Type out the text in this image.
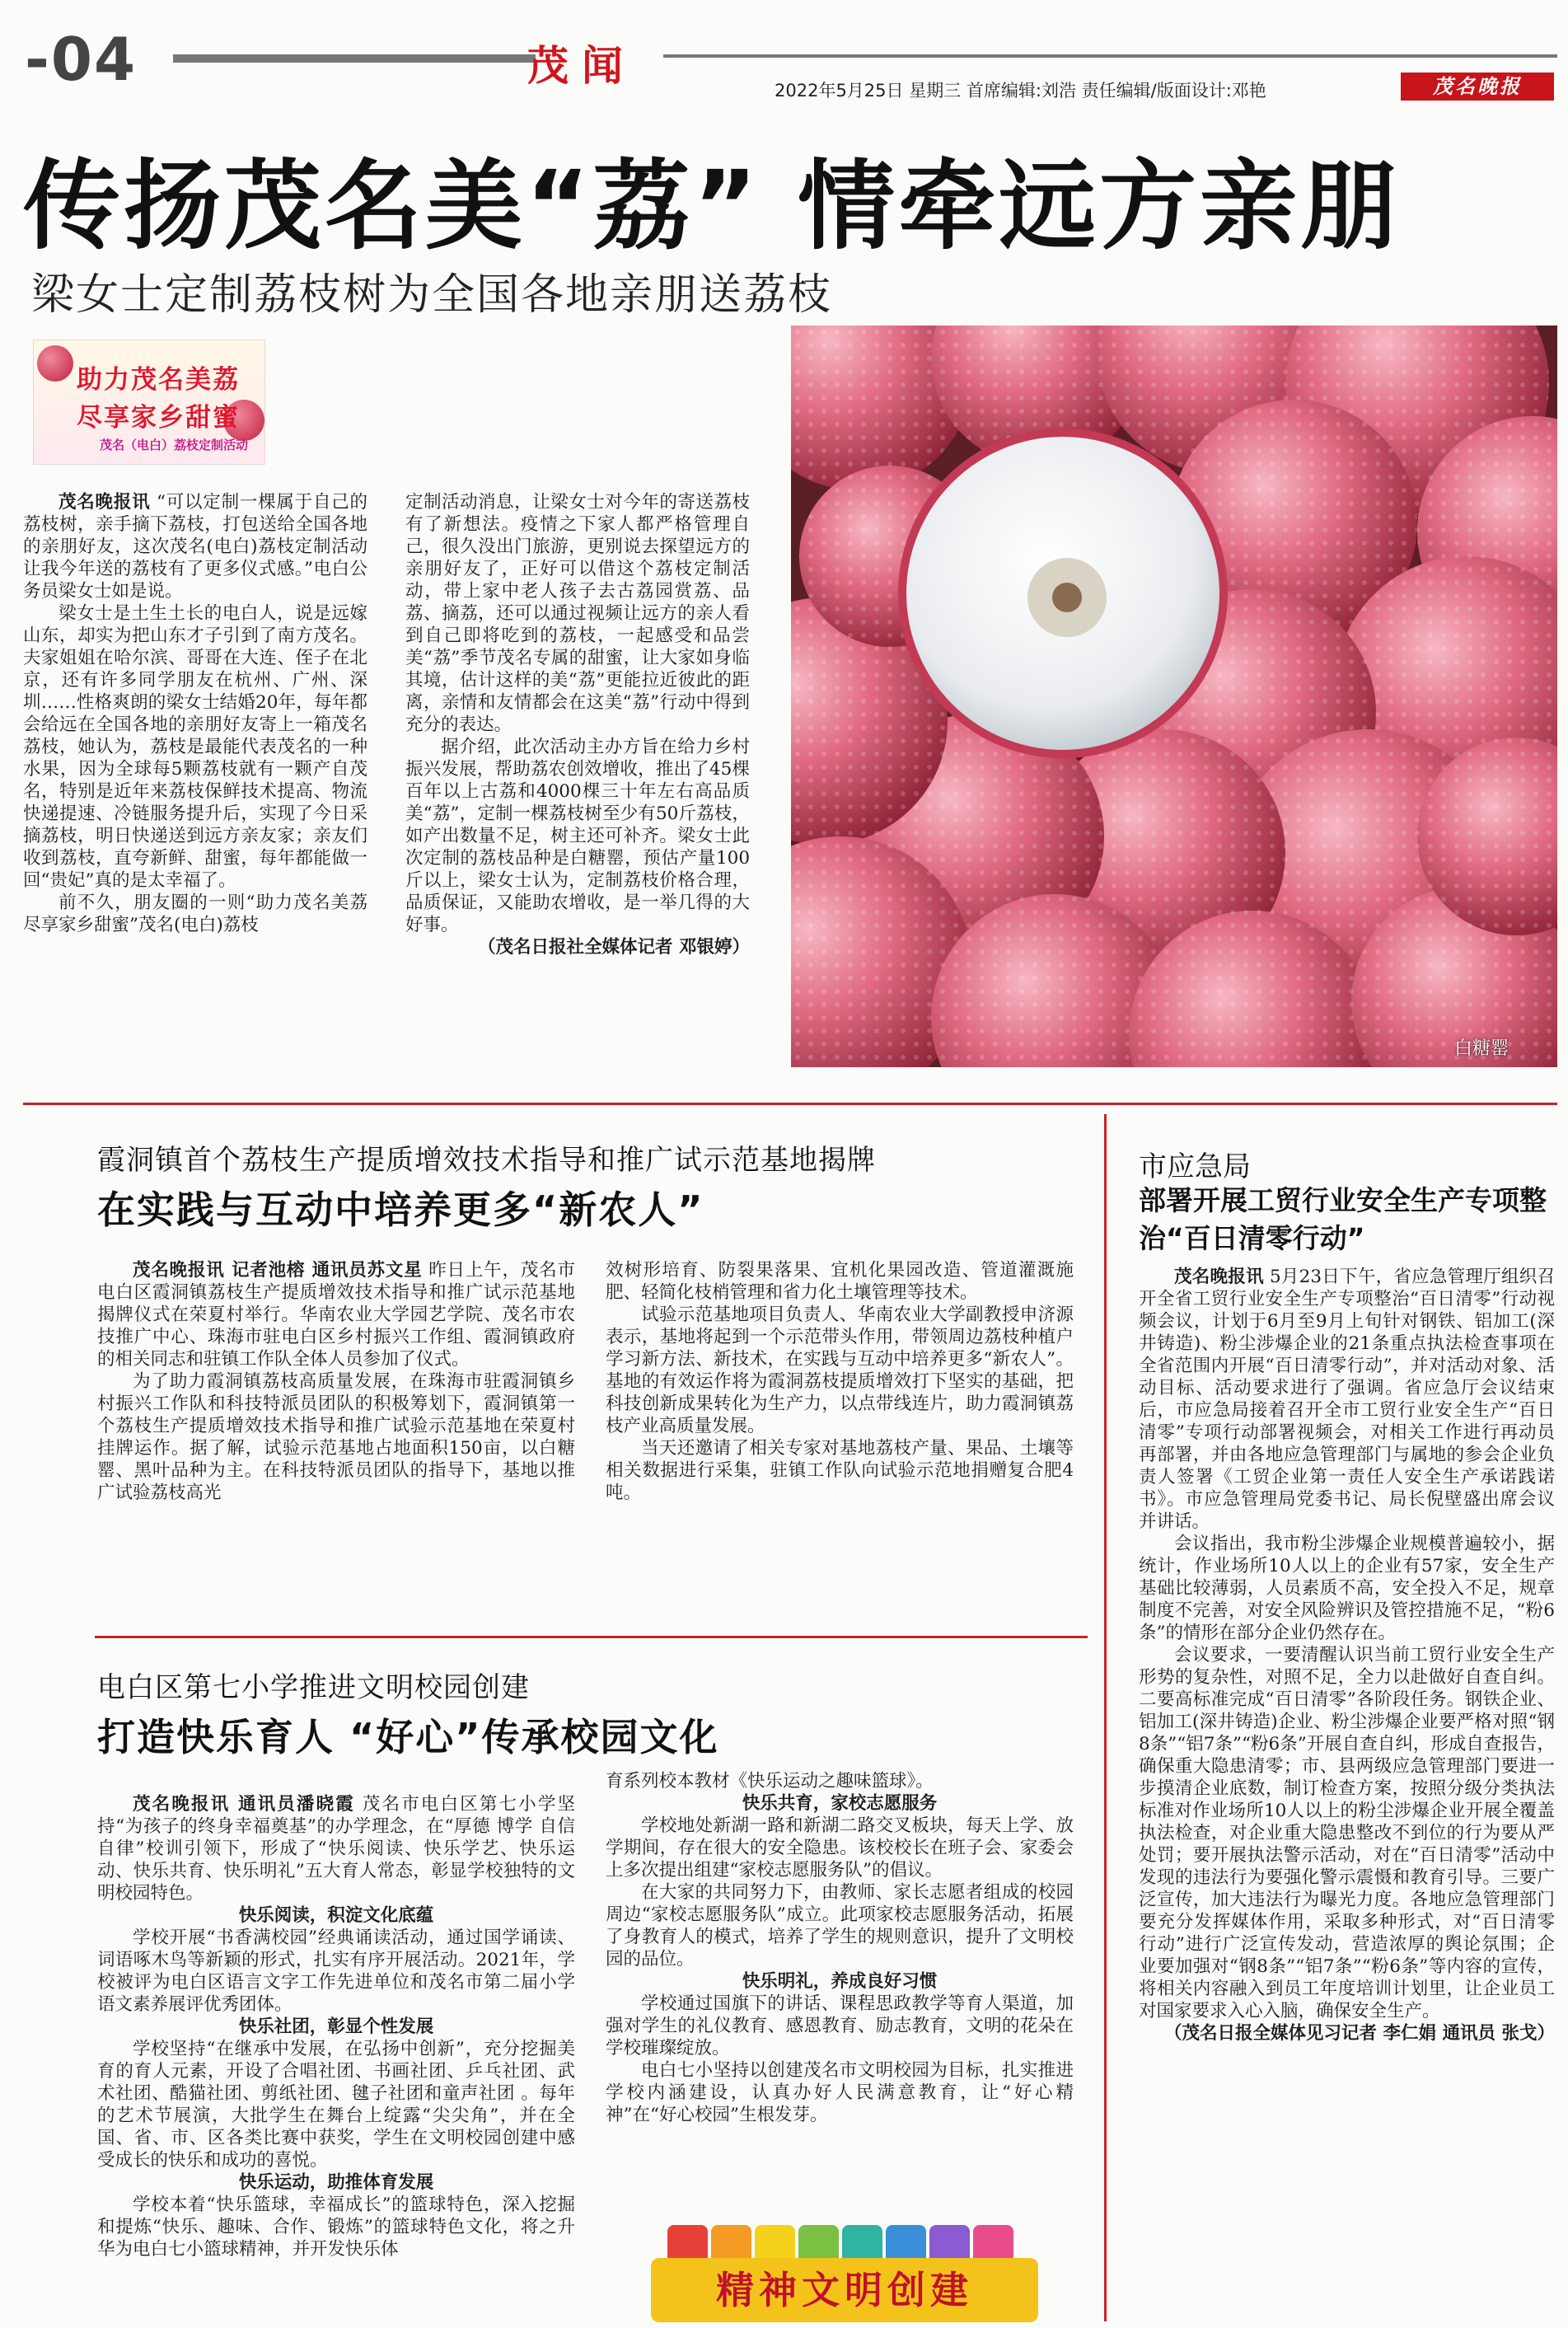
-04	茂 闻
2022年5月25日 星期三 首席编辑:刘浩 责任编辑/版面设计:邓艳	茂名晚报
传扬茂名美“荔” 情牵远方亲朋
梁女士定制荔枝树为全国各地亲朋送荔枝
助力茂名美荔
尽享家乡甜蜜
茂名（电白）荔枝定制活动

茂名晚报讯 “可以定制一棵属于自己的荔枝树，亲手摘下荔枝，打包送给全国各地的亲朋好友，这次茂名(电白)荔枝定制活动让我今年送的荔枝有了更多仪式感。”电白公务员梁女士如是说。

梁女士是土生土长的电白人，说是远嫁山东，却实为把山东才子引到了南方茂名。夫家姐姐在哈尔滨、哥哥在大连、侄子在北京，还有许多同学朋友在杭州、广州、深圳……性格爽朗的梁女士结婚20年，每年都会给远在全国各地的亲朋好友寄上一箱茂名荔枝，她认为，荔枝是最能代表茂名的一种水果，因为全球每5颗荔枝就有一颗产自茂名，特别是近年来荔枝保鲜技术提高、物流快递提速、冷链服务提升后，实现了今日采摘荔枝，明日快递送到远方亲友家；亲友们收到荔枝，直夸新鲜、甜蜜，每年都能做一回“贵妃”真的是太幸福了。

前不久，朋友圈的一则“助力茂名美荔 尽享家乡甜蜜”茂名(电白)荔枝

定制活动消息，让梁女士对今年的寄送荔枝有了新想法。疫情之下家人都严格管理自己，很久没出门旅游，更别说去探望远方的亲朋好友了，正好可以借这个荔枝定制活动，带上家中老人孩子去古荔园赏荔、品荔、摘荔，还可以通过视频让远方的亲人看到自己即将吃到的荔枝，一起感受和品尝美“荔”季节茂名专属的甜蜜，让大家如身临其境，估计这样的美“荔”更能拉近彼此的距离，亲情和友情都会在这美“荔”行动中得到充分的表达。

据介绍，此次活动主办方旨在给力乡村振兴发展，帮助荔农创效增收，推出了45棵百年以上古荔和4000棵三十年左右高品质美“荔”，定制一棵荔枝树至少有50斤荔枝，如产出数量不足，树主还可补齐。梁女士此次定制的荔枝品种是白糖罂，预估产量100斤以上，梁女士认为，定制荔枝价格合理，品质保证，又能助农增收，是一举几得的大好事。

（茂名日报社全媒体记者 邓银婷）

白糖罂
霞洞镇首个荔枝生产提质增效技术指导和推广试示范基地揭牌
在实践与互动中培养更多“新农人”

茂名晚报讯 记者池榕 通讯员苏文星 昨日上午，茂名市电白区霞洞镇荔枝生产提质增效技术指导和推广试示范基地揭牌仪式在荣夏村举行。华南农业大学园艺学院、茂名市农技推广中心、珠海市驻电白区乡村振兴工作组、霞洞镇政府的相关同志和驻镇工作队全体人员参加了仪式。

为了助力霞洞镇荔枝高质量发展，在珠海市驻霞洞镇乡村振兴工作队和科技特派员团队的积极筹划下，霞洞镇第一个荔枝生产提质增效技术指导和推广试验示范基地在荣夏村挂牌运作。据了解，试验示范基地占地面积150亩，以白糖罂、黑叶品种为主。在科技特派员团队的指导下，基地以推广试验荔枝高光

效树形培育、防裂果落果、宜机化果园改造、管道灌溉施肥、轻简化枝梢管理和省力化土壤管理等技术。

试验示范基地项目负责人、华南农业大学副教授申济源表示，基地将起到一个示范带头作用，带领周边荔枝种植户学习新方法、新技术，在实践与互动中培养更多“新农人”。基地的有效运作将为霞洞荔枝提质增效打下坚实的基础，把科技创新成果转化为生产力，以点带线连片，助力霞洞镇荔枝产业高质量发展。

当天还邀请了相关专家对基地荔枝产量、果品、土壤等相关数据进行采集，驻镇工作队向试验示范地捐赠复合肥4吨。

电白区第七小学推进文明校园创建
打造快乐育人 “好心”传承校园文化

茂名晚报讯 通讯员潘晓霞 茂名市电白区第七小学坚持“为孩子的终身幸福奠基”的办学理念，在“厚德 博学 自信 自律”校训引领下，形成了“快乐阅读、快乐学艺、快乐运动、快乐共育、快乐明礼”五大育人常态，彰显学校独特的文明校园特色。

快乐阅读，积淀文化底蕴

学校开展“书香满校园”经典诵读活动，通过国学诵读、词语啄木鸟等新颖的形式，扎实有序开展活动。2021年，学校被评为电白区语言文字工作先进单位和茂名市第二届小学语文素养展评优秀团体。

快乐社团，彰显个性发展

学校坚持“在继承中发展，在弘扬中创新”，充分挖掘美育的育人元素，开设了合唱社团、书画社团、乒乓社团、武术社团、酷猫社团、剪纸社团、毽子社团和童声社团 。每年的艺术节展演，大批学生在舞台上绽露“尖尖角”，并在全国、省、市、区各类比赛中获奖，学生在文明校园创建中感受成长的快乐和成功的喜悦。

快乐运动，助推体育发展

学校本着“快乐篮球，幸福成长”的篮球特色，深入挖掘和提炼“快乐、趣味、合作、锻炼”的篮球特色文化，将之升华为电白七小篮球精神，并开发快乐体

育系列校本教材《快乐运动之趣味篮球》。

快乐共育，家校志愿服务

学校地处新湖一路和新湖二路交叉板块，每天上学、放学期间，存在很大的安全隐患。该校校长在班子会、家委会上多次提出组建“家校志愿服务队”的倡议。

在大家的共同努力下，由教师、家长志愿者组成的校园周边“家校志愿服务队”成立。此项家校志愿服务活动，拓展了身教育人的模式，培养了学生的规则意识，提升了文明校园的品位。

快乐明礼，养成良好习惯

学校通过国旗下的讲话、课程思政教学等育人渠道，加强对学生的礼仪教育、感恩教育、励志教育，文明的花朵在学校璀璨绽放。

电白七小坚持以创建茂名市文明校园为目标，扎实推进学校内涵建设，认真办好人民满意教育，让“好心精神”在“好心校园”生根发芽。

精神文明创建
市应急局
部署开展工贸行业安全生产专项整治“百日清零行动”

茂名晚报讯 5月23日下午，省应急管理厅组织召开全省工贸行业安全生产专项整治“百日清零”行动视频会议，计划于6月至9月上旬针对钢铁、铝加工(深井铸造)、粉尘涉爆企业的21条重点执法检查事项在全省范围内开展“百日清零行动”，并对活动对象、活动目标、活动要求进行了强调。省应急厅会议结束后，市应急局接着召开全市工贸行业安全生产“百日清零”专项行动部署视频会，对相关工作进行再动员再部署，并由各地应急管理部门与属地的参会企业负责人签署《工贸企业第一责任人安全生产承诺践诺书》。市应急管理局党委书记、局长倪壁盛出席会议并讲话。

会议指出，我市粉尘涉爆企业规模普遍较小，据统计，作业场所10人以上的企业有57家，安全生产基础比较薄弱，人员素质不高，安全投入不足，规章制度不完善，对安全风险辨识及管控措施不足，“粉6条”的情形在部分企业仍然存在。

会议要求，一要清醒认识当前工贸行业安全生产形势的复杂性，对照不足，全力以赴做好自查自纠。二要高标准完成“百日清零”各阶段任务。钢铁企业、铝加工(深井铸造)企业、粉尘涉爆企业要严格对照“钢8条”“铝7条”“粉6条”开展自查自纠，形成自查报告，确保重大隐患清零；市、县两级应急管理部门要进一步摸清企业底数，制订检查方案，按照分级分类执法标准对作业场所10人以上的粉尘涉爆企业开展全覆盖执法检查，对企业重大隐患整改不到位的行为要从严处罚；要开展执法警示活动，对在“百日清零”活动中发现的违法行为要强化警示震慑和教育引导。三要广泛宣传，加大违法行为曝光力度。各地应急管理部门要充分发挥媒体作用，采取多种形式，对“百日清零行动”进行广泛宣传发动，营造浓厚的舆论氛围；企业要加强对“钢8条”“铝7条”“粉6条”等内容的宣传，将相关内容融入到员工年度培训计划里，让企业员工对国家要求入心入脑，确保安全生产。

（茂名日报全媒体见习记者 李仁娟 通讯员 张戈）
